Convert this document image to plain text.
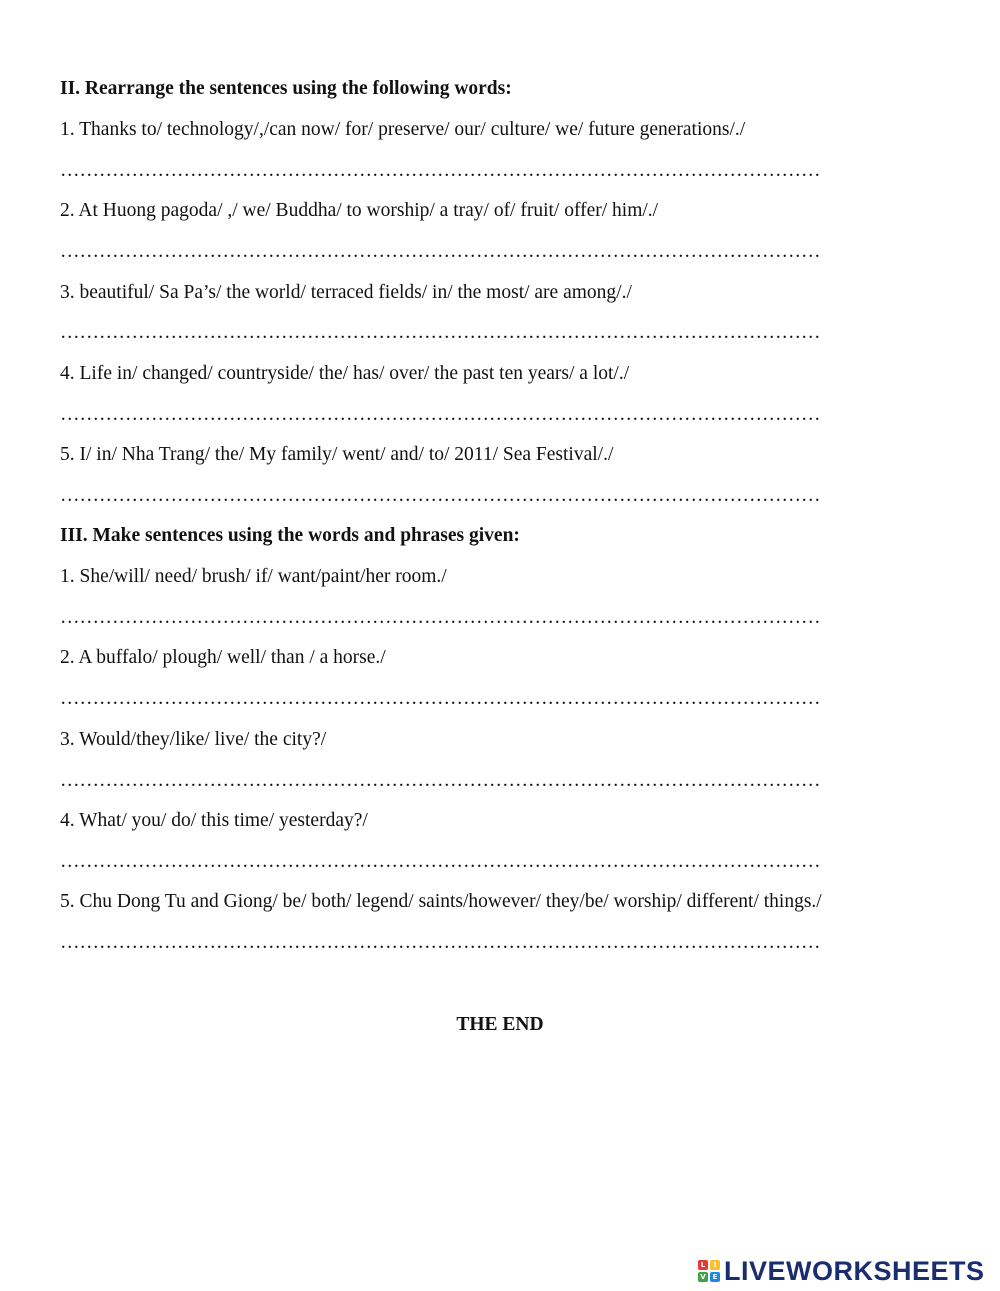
II. Rearrange the sentences using the following words:
1. Thanks to/ technology/,/can now/ for/ preserve/ our/ culture/ we/ future generations/./
………………………………………………………………………………………………………
2. At Huong pagoda/ ,/ we/ Buddha/ to worship/ a tray/ of/ fruit/ offer/ him/./
………………………………………………………………………………………………………
3. beautiful/ Sa Pa’s/ the world/ terraced fields/ in/ the most/ are among/./
………………………………………………………………………………………………………
4. Life in/ changed/ countryside/ the/ has/ over/ the past ten years/ a lot/./
………………………………………………………………………………………………………
5. I/ in/ Nha Trang/ the/ My family/ went/ and/ to/ 2011/ Sea Festival/./
………………………………………………………………………………………………………
III. Make sentences using the words and phrases given:
1. She/will/ need/ brush/ if/ want/paint/her room./
………………………………………………………………………………………………………
2. A buffalo/ plough/ well/ than / a horse./
………………………………………………………………………………………………………
3. Would/they/like/ live/ the city?/
………………………………………………………………………………………………………
4. What/ you/ do/ this time/ yesterday?/
………………………………………………………………………………………………………
5. Chu Dong Tu and Giong/ be/ both/ legend/ saints/however/ they/be/ worship/ different/ things./
………………………………………………………………………………………………………
THE END
L	I
V E LIVEWORKSHEETS
